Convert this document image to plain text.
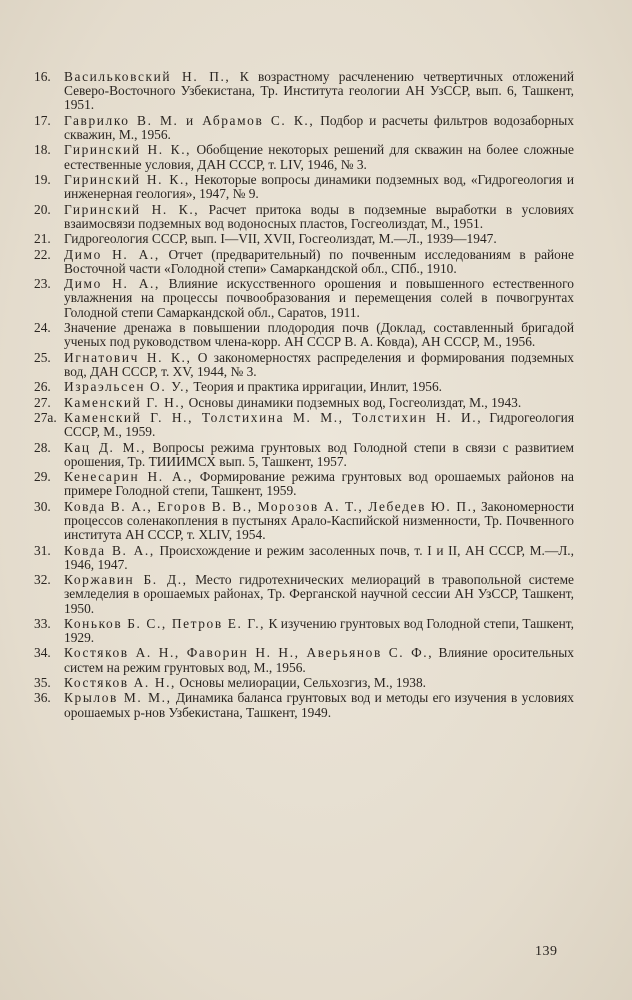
16. Васильковский Н. П., К возрастному расчленению четвертичных отложений Северо-Восточного Узбекистана, Тр. Института геологии АН УзССР, вып. 6, Ташкент, 1951.
17. Гаврилко В. М. и Абрамов С. К., Подбор и расчеты фильтров водозаборных скважин, М., 1956.
18. Гиринский Н. К., Обобщение некоторых решений для скважин на более сложные естественные условия, ДАН СССР, т. LIV, 1946, № 3.
19. Гиринский Н. К., Некоторые вопросы динамики подземных вод, «Гидрогеология и инженерная геология», 1947, № 9.
20. Гиринский Н. К., Расчет притока воды в подземные выработки в условиях взаимосвязи подземных вод водоносных пластов, Госгеолиздат, М., 1951.
21. Гидрогеология СССР, вып. I—VII, XVII, Госгеолиздат, М.—Л., 1939—1947.
22. Димо Н. А., Отчет (предварительный) по почвенным исследованиям в районе Восточной части «Голодной степи» Самаркандской обл., СПб., 1910.
23. Димо Н. А., Влияние искусственного орошения и повышенного естественного увлажнения на процессы почвообразования и перемещения солей в почвогрунтах Голодной степи Самаркандской обл., Саратов, 1911.
24. Значение дренажа в повышении плодородия почв (Доклад, составленный бригадой ученых под руководством члена-корр. АН СССР В. А. Ковда), АН СССР, М., 1956.
25. Игнатович Н. К., О закономерностях распределения и формирования подземных вод, ДАН СССР, т. XV, 1944, № 3.
26. Израэльсен О. У., Теория и практика ирригации, Инлит, 1956.
27. Каменский Г. Н., Основы динамики подземных вод, Госгеолиздат, М., 1943.
27а. Каменский Г. Н., Толстихина М. М., Толстихин Н. И., Гидрогеология СССР, М., 1959.
28. Кац Д. М., Вопросы режима грунтовых вод Голодной степи в связи с развитием орошения, Тр. ТИИИМСХ вып. 5, Ташкент, 1957.
29. Кенесарин Н. А., Формирование режима грунтовых вод орошаемых районов на примере Голодной степи, Ташкент, 1959.
30. Ковда В. А., Егоров В. В., Морозов А. Т., Лебедев Ю. П., Закономерности процессов соленакопления в пустынях Арало-Каспийской низменности, Тр. Почвенного института АН СССР, т. XLIV, 1954.
31. Ковда В. А., Происхождение и режим засоленных почв, т. I и II, АН СССР, М.—Л., 1946, 1947.
32. Коржавин Б. Д., Место гидротехнических мелиораций в травопольной системе земледелия в орошаемых районах, Тр. Ферганской научной сессии АН УзССР, Ташкент, 1950.
33. Коньков Б. С., Петров Е. Г., К изучению грунтовых вод Голодной степи, Ташкент, 1929.
34. Костяков А. Н., Фаворин Н. Н., Аверьянов С. Ф., Влияние оросительных систем на режим грунтовых вод, М., 1956.
35. Костяков А. Н., Основы мелиорации, Сельхозгиз, М., 1938.
36. Крылов М. М., Динамика баланса грунтовых вод и методы его изучения в условиях орошаемых р-нов Узбекистана, Ташкент, 1949.
139
